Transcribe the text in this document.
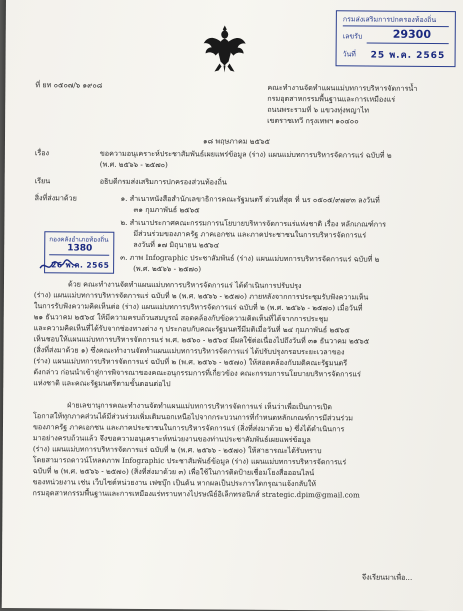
กรมส่งเสริมการปกครองท้องถิ่น
เลขรับ	29300
วันที่ 25 พ.ค. 2565
ที่ ยท ๐๕๐๗/๖ ๑๙๐๘	คณะทำงานจัดทำแผนแม่บทการบริหารจัดการน้ำ
กรมอุตสาหกรรมพื้นฐานและการเหมืองแร่
ถนนพระรามที่ ๖ แขวงทุ่งพญาไท
เขตราชเทวี กรุงเทพฯ ๑๐๔๐๐
๑๘ พฤษภาคม ๒๕๖๕
เรื่อง	ขอความอนุเคราะห์ประชาสัมพันธ์เผยแพร่ข้อมูล (ร่าง) แผนแม่บทการบริหารจัดการแร่ ฉบับที่ ๒
(พ.ศ. ๒๕๖๖ - ๒๕๗๐)
เรียน	อธิบดีกรมส่งเสริมการปกครองส่วนท้องถิ่น
สิ่งที่ส่งมาด้วย	๑. สำเนาหนังสือสำนักเลขาธิการคณะรัฐมนตรี ด่วนที่สุด ที่ นร ๐๕๐๕/๙๗๙๓ ลงวันที่
๓๑ กุมภาพันธ์ ๒๕๖๕
๒. สำเนาประกาศคณะกรรมการนโยบายบริหารจัดการแร่แห่งชาติ เรื่อง หลักเกณฑ์การ
มีส่วนร่วมของภาครัฐ ภาคเอกชน และภาคประชาชนในการบริหารจัดการแร่
ลงวันที่ ๑๗ มิถุนายน ๒๕๖๔
๓. ภาพ Infographic ประชาสัมพันธ์ (ร่าง) แผนแม่บทการบริหารจัดการแร่ ฉบับที่ ๒
(พ.ศ. ๒๕๖๖ - ๒๕๗๐)
กองคลังอำเภอท้องถิ่น
1380
26 พ.ค. 2565
ด้วย คณะทำงานจัดทำแผนแม่บทการบริหารจัดการแร่ ได้ดำเนินการปรับปรุง
(ร่าง) แผนแม่บทการบริหารจัดการแร่ ฉบับที่ ๒ (พ.ศ. ๒๕๖๖ - ๒๕๗๐) ภายหลังจากการประชุมรับฟังความเห็น
ในการรับฟังความคิดเห็นต่อ (ร่าง) แผนแม่บทการบริหารจัดการแร่ ฉบับที่ ๒ (พ.ศ. ๒๕๖๖ - ๒๕๗๐) เมื่อวันที่
๒๑ ธันวาคม ๒๕๖๔ ให้มีความครบถ้วนสมบูรณ์ สอดคล้องกับข้อความคิดเห็นที่ได้จากการประชุม
และความคิดเห็นที่ได้รับจากช่องทางต่าง ๆ ประกอบกับคณะรัฐมนตรีมีมติเมื่อวันที่ ๒๔ กุมภาพันธ์ ๒๕๖๕
เห็นชอบให้แผนแม่บทการบริหารจัดการแร่ พ.ศ. ๒๕๖๐ - ๒๕๖๔ มีผลใช้ต่อเนื่องไปถึงวันที่ ๓๑ ธันวาคม ๒๕๖๕
(สิ่งที่ส่งมาด้วย ๑) ซึ่งคณะทำงานจัดทำแผนแม่บทการบริหารจัดการแร่ ได้ปรับปรุงกรอบระยะเวลาของ
(ร่าง) แผนแม่บทการบริหารจัดการแร่ ฉบับที่ ๒ (พ.ศ. ๒๕๖๖ - ๒๕๗๐) ให้สอดคล้องกับมติคณะรัฐมนตรี
ดังกล่าว ก่อนนำเข้าสู่การพิจารณาของคณะอนุกรรมการที่เกี่ยวข้อง คณะกรรมการนโยบายบริหารจัดการแร่
แห่งชาติ และคณะรัฐมนตรีตามขั้นตอนต่อไป
ฝ่ายเลขานุการคณะทำงานจัดทำแผนแม่บทการบริหารจัดการแร่ เห็นว่าเพื่อเป็นการเปิด
โอกาสให้ทุกภาคส่วนได้มีส่วนร่วมเพิ่มเติมนอกเหนือไปจากกระบวนการที่กำหนดหลักเกณฑ์การมีส่วนร่วม
ของภาครัฐ ภาคเอกชน และภาคประชาชนในการบริหารจัดการแร่ (สิ่งที่ส่งมาด้วย ๒) ซึ่งได้ดำเนินการ
มาอย่างครบถ้วนแล้ว จึงขอความอนุเคราะห์หน่วยงานของท่านประชาสัมพันธ์เผยแพร่ข้อมูล
(ร่าง) แผนแม่บทการบริหารจัดการแร่ ฉบับที่ ๒ (พ.ศ. ๒๕๖๖ - ๒๕๗๐) ให้สาธารณะได้รับทราบ
โดยสามารถดาวน์โหลดภาพ Infographic ประชาสัมพันธ์ข้อมูล (ร่าง) แผนแม่บทการบริหารจัดการแร่
ฉบับที่ ๒ (พ.ศ. ๒๕๖๖ - ๒๕๗๐) (สิ่งที่ส่งมาด้วย ๓) เพื่อใช้ในการติดป้ายเชื่อมโยงสื่อออนไลน์
ของหน่วยงาน เช่น เว็บไซต์หน่วยงาน เฟซบุ๊ก เป็นต้น หากผลเป็นประการใดกรุณาแจ้งกลับให้
กรมอุตสาหกรรมพื้นฐานและการเหมืองแร่ทราบทางไปรษณีย์อิเล็กทรอนิกส์ strategic.dpim@gmail.com
จึงเรียนมาเพื่อ...
